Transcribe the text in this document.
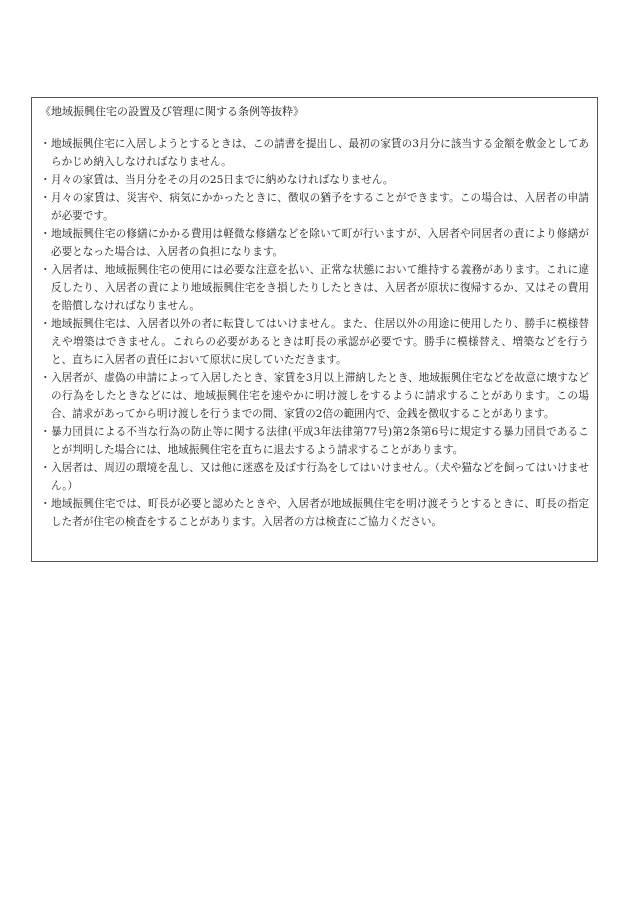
《地域振興住宅の設置及び管理に関する条例等抜粋》
・ 地域振興住宅に入居しようとするときは、この請書を提出し、最初の家賃の3月分に該当する金額を敷金としてあらかじめ納入しなければなりません。
・ 月々の家賃は、当月分をその月の25日までに納めなければなりません。
・ 月々の家賃は、災害や、病気にかかったときに、徴収の猶予をすることができます。この場合は、入居者の申請が必要です。
・ 地域振興住宅の修繕にかかる費用は軽微な修繕などを除いて町が行いますが、入居者や同居者の責により修繕が必要となった場合は、入居者の負担になります。
・ 入居者は、地域振興住宅の使用には必要な注意を払い、正常な状態において維持する義務があります。これに違反したり、入居者の責により地域振興住宅をき損したりしたときは、入居者が原状に復帰するか、又はその費用を賠償しなければなりません。
・ 地域振興住宅は、入居者以外の者に転貸してはいけません。また、住居以外の用途に使用したり、勝手に模様替えや増築はできません。これらの必要があるときは町長の承認が必要です。勝手に模様替え、増築などを行うと、直ちに入居者の責任において原状に戻していただきます。
・ 入居者が、虚偽の申請によって入居したとき、家賃を3月以上滞納したとき、地域振興住宅などを故意に壊すなどの行為をしたときなどには、地域振興住宅を速やかに明け渡しをするように請求することがあります。この場合、請求があってから明け渡しを行うまでの間、家賃の2倍の範囲内で、金銭を徴収することがあります。
・ 暴力団員による不当な行為の防止等に関する法律(平成3年法律第77号)第2条第6号に規定する暴力団員であることが判明した場合には、地域振興住宅を直ちに退去するよう請求することがあります。
・ 入居者は、周辺の環境を乱し、又は他に迷惑を及ぼす行為をしてはいけません。（犬や猫などを飼ってはいけません。）
・ 地域振興住宅では、町長が必要と認めたときや、入居者が地域振興住宅を明け渡そうとするときに、町長の指定した者が住宅の検査をすることがあります。入居者の方は検査にご協力ください。
